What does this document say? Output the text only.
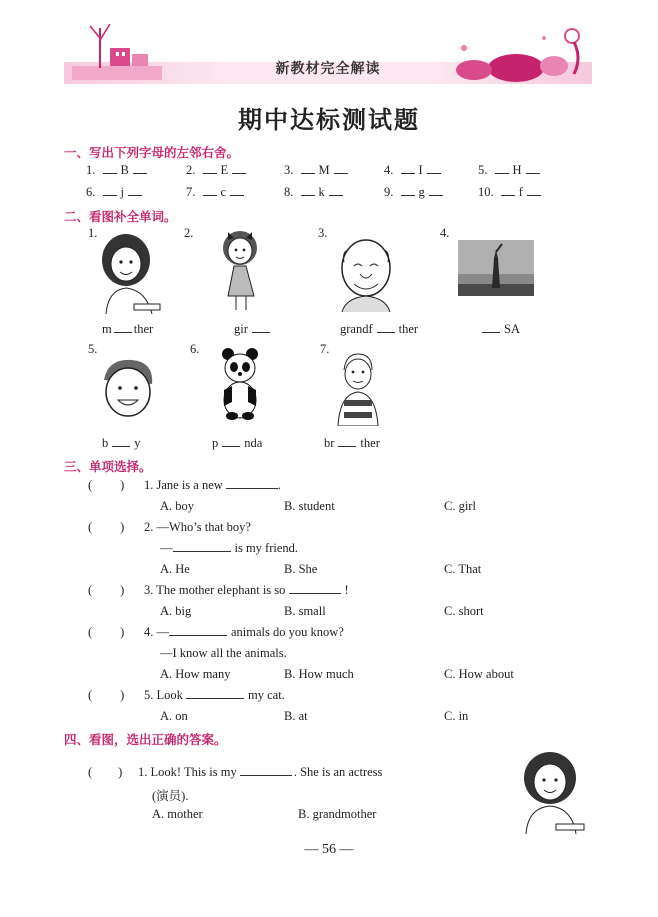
新教材完全解读
期中达标测试题
一、写出下列字母的左邻右舍。
1. B	2. E	3. M	4. I	5. H
6. j	7. c	8. k	9. g	10. f
二、看图补全单词。
1.	2.	3.	4.
5.	6.	7.
m ther	gir	grandf ther	SA
b y	p nda	br ther
三、单项选择。
( ) 1. Jane is a new	.
A. boy	B. student	C. girl
( ) 2. —Who’s that boy?
—	is my friend.
A. He	B. She	C. That
( ) 3. The mother elephant is so	!
A. big	B. small	C. short
( ) 4. —	animals do you know?
—I know all the animals.
A. How many	B. How much	C. How about
( ) 5. Look	my cat.
A. on	B. at	C. in
四、看图，选出正确的答案。
( ) 1. Look! This is my	. She is an actress
(演员).
A. mother	B. grandmother
— 56 —
